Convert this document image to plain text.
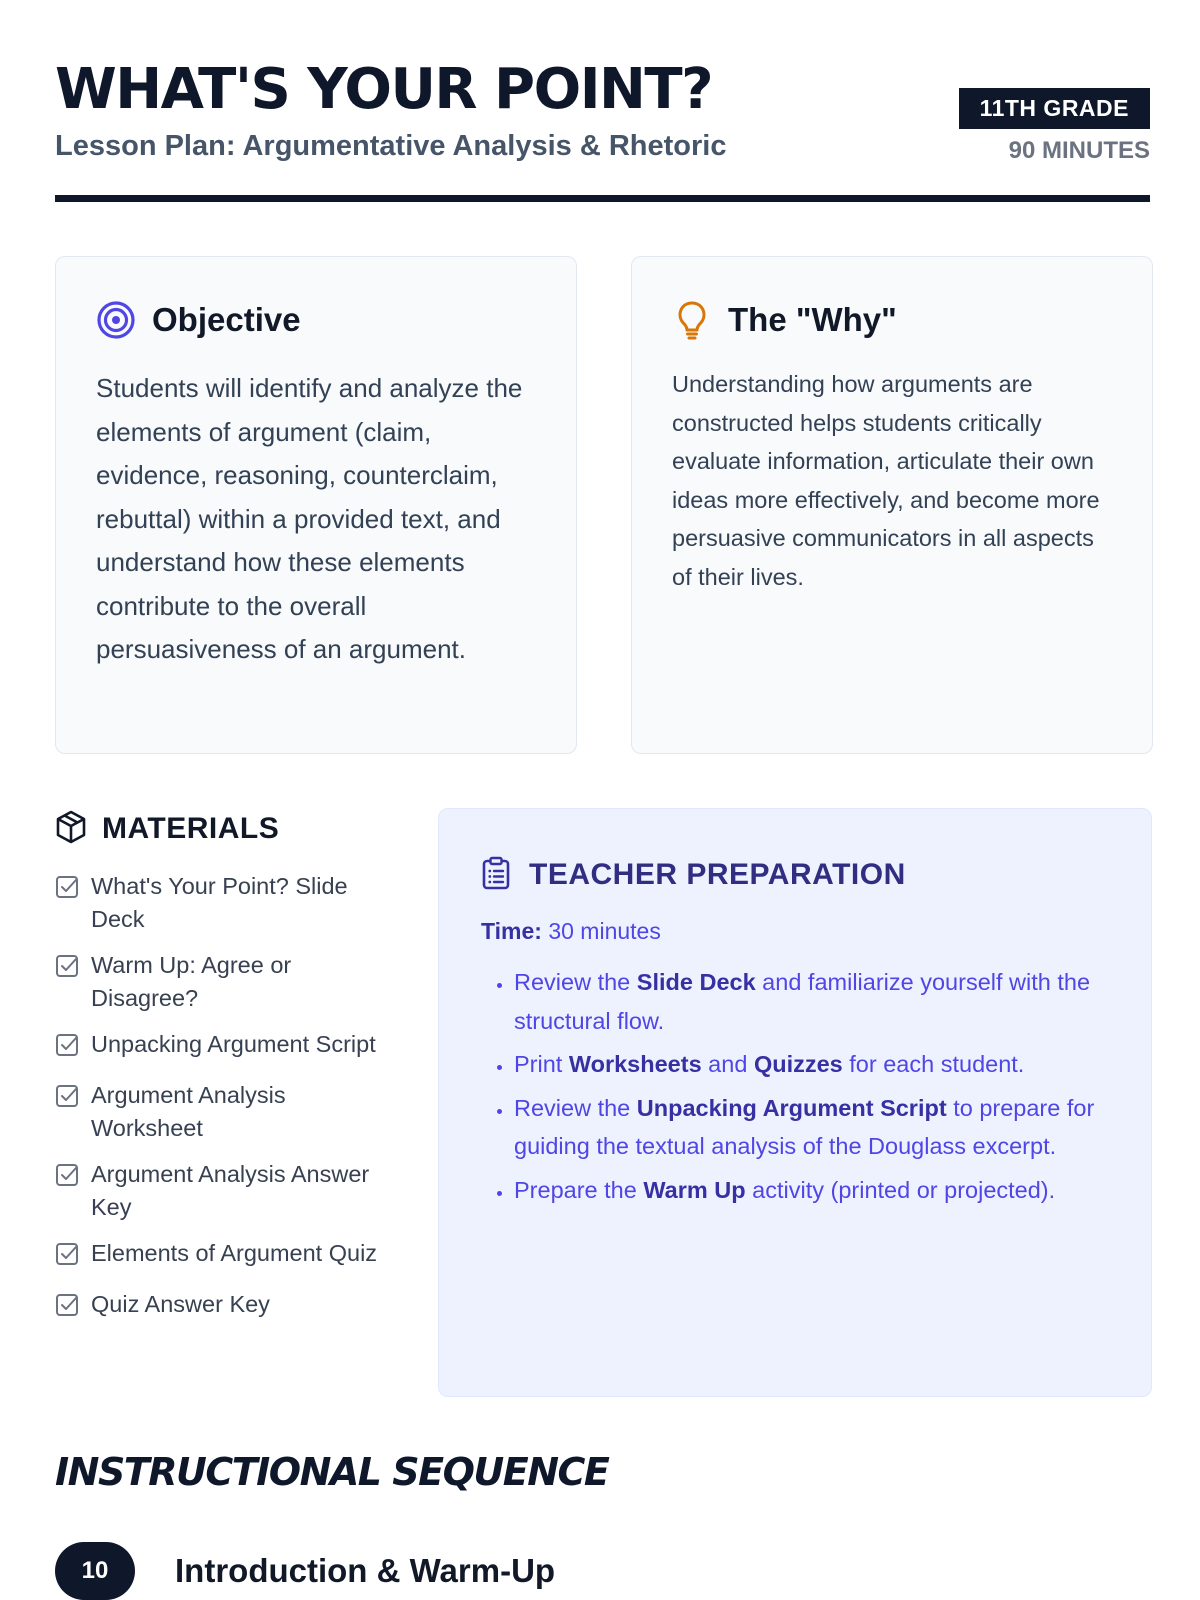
WHAT'S YOUR POINT?
Lesson Plan: Argumentative Analysis & Rhetoric
11TH GRADE
90 MINUTES
Objective

Students will identify and analyze the elements of argument (claim, evidence, reasoning, counterclaim, rebuttal) within a provided text, and understand how these elements contribute to the overall persuasiveness of an argument.

The "Why"

Understanding how arguments are constructed helps students critically evaluate information, articulate their own ideas more effectively, and become more persuasive communicators in all aspects of their lives.

MATERIALS
What's Your Point? Slide Deck
Warm Up: Agree or Disagree?
Unpacking Argument Script
Argument Analysis Worksheet
Argument Analysis Answer Key
Elements of Argument Quiz
Quiz Answer Key
TEACHER PREPARATION
Time: 30 minutes
• Review the Slide Deck and familiarize yourself with the structural flow.
• Print Worksheets and Quizzes for each student.
• Review the Unpacking Argument Script to prepare for guiding the textual analysis of the Douglass excerpt.
• Prepare the Warm Up activity (printed or projected).
INSTRUCTIONAL SEQUENCE
10	Introduction & Warm-Up
